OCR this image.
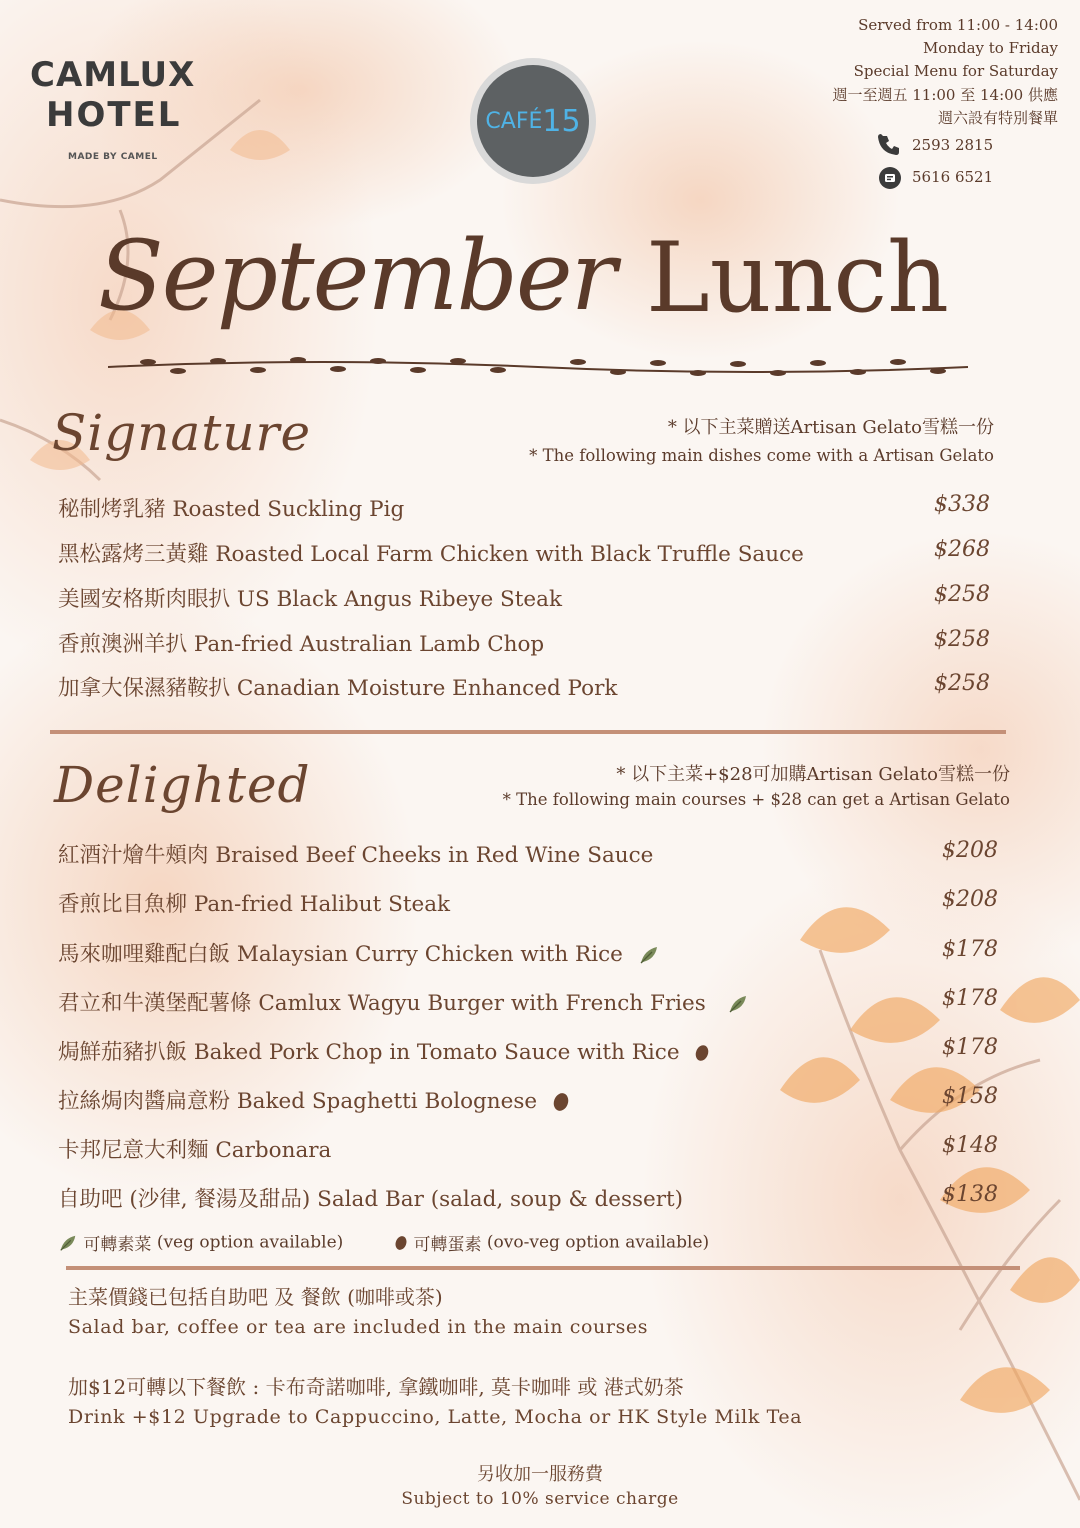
CAMLUX
HOTEL
MADE BY CAMEL
CAFÉ 15
Served from 11:00 - 14:00
Monday to Friday
Special Menu for Saturday
週一至週五 11:00 至 14:00 供應
週六設有特別餐單
2593 2815
5616 6521
September Lunch
Signature	* 以下主菜贈送Artisan Gelato雪糕一份
* The following main dishes come with a Artisan Gelato
秘制烤乳豬 Roasted Suckling Pig	$338
黑松露烤三黃雞 Roasted Local Farm Chicken with Black Truffle Sauce	$268
美國安格斯肉眼扒 US Black Angus Ribeye Steak	$258
香煎澳洲羊扒 Pan-fried Australian Lamb Chop	$258
加拿大保濕豬鞍扒 Canadian Moisture Enhanced Pork	$258
Delighted	* 以下主菜+$28可加購Artisan Gelato雪糕一份
* The following main courses + $28 can get a Artisan Gelato
紅酒汁燴牛頰肉 Braised Beef Cheeks in Red Wine Sauce	$208
香煎比目魚柳 Pan-fried Halibut Steak	$208
馬來咖哩雞配白飯 Malaysian Curry Chicken with Rice	$178
君立和牛漢堡配薯條 Camlux Wagyu Burger with French Fries	$178
焗鮮茄豬扒飯 Baked Pork Chop in Tomato Sauce with Rice	$178
拉絲焗肉醬扁意粉 Baked Spaghetti Bolognese	$158
卡邦尼意大利麵 Carbonara	$148
自助吧 (沙律, 餐湯及甜品) Salad Bar (salad, soup & dessert)	$138
可轉素菜 (veg option available)	可轉蛋素 (ovo-veg option available)
主菜價錢已包括自助吧 及 餐飲 (咖啡或茶)
Salad bar, coffee or tea are included in the main courses
加$12可轉以下餐飲 : 卡布奇諾咖啡, 拿鐵咖啡, 莫卡咖啡 或 港式奶茶
Drink +$12 Upgrade to Cappuccino, Latte, Mocha or HK Style Milk Tea
另收加一服務費
Subject to 10% service charge
